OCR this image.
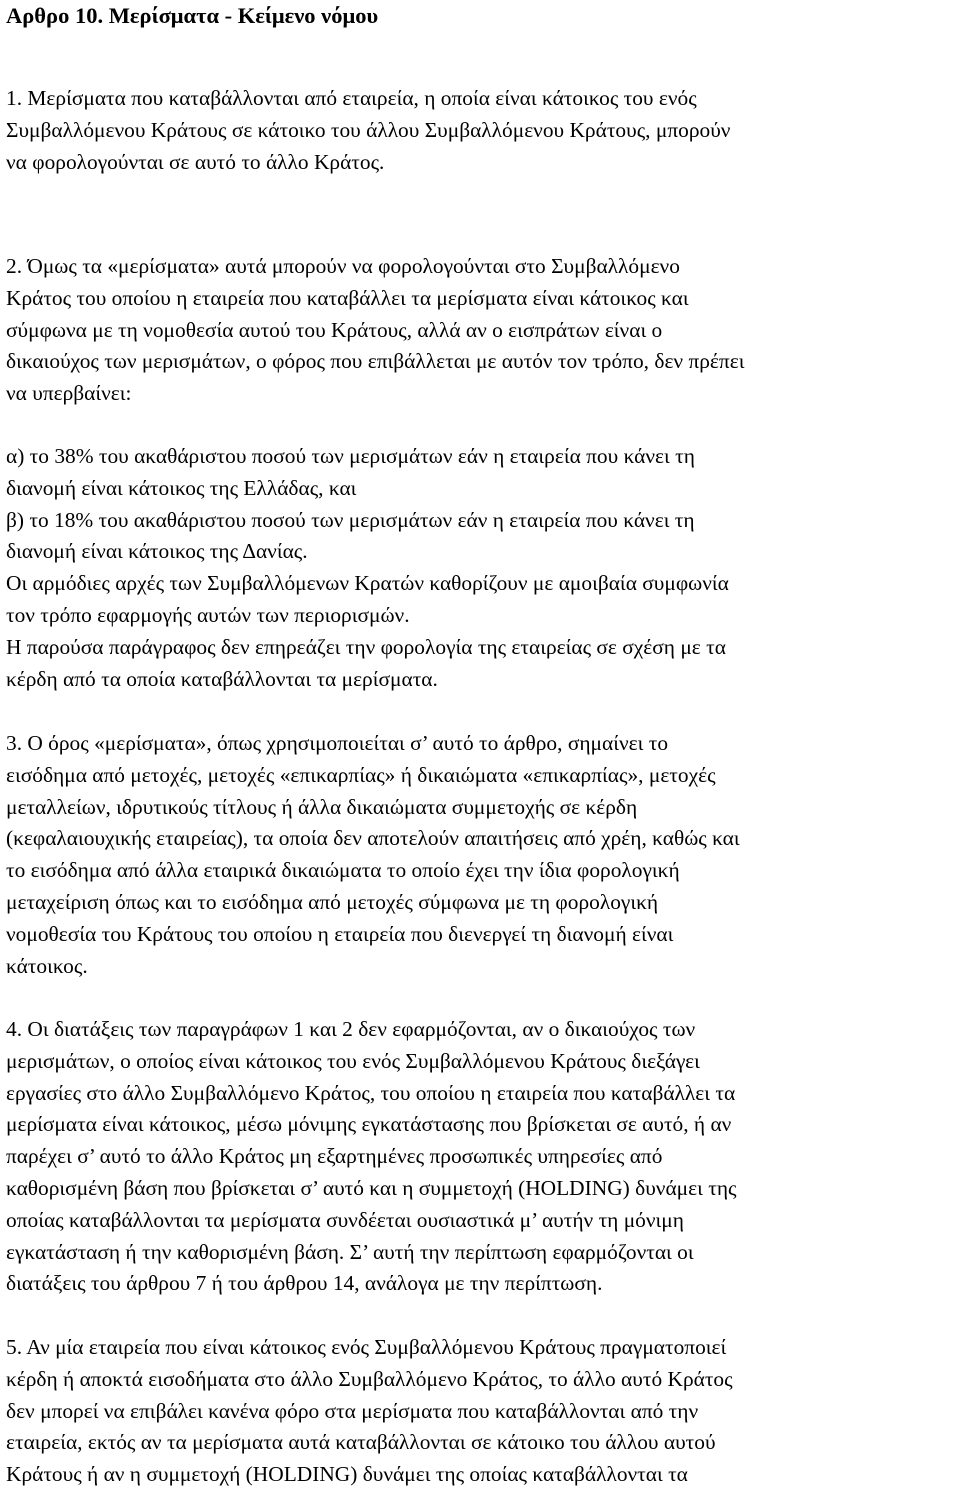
Αρθρο 10. Μερίσματα - Κείμενο νόμου
1. Μερίσματα που καταβάλλονται από εταιρεία, η οποία είναι κάτοικος του ενός
Συμβαλλόμενου Κράτους σε κάτοικο του άλλου Συμβαλλόμενου Κράτους, μπορούν
να φορολογούνται σε αυτό το άλλο Κράτος.
2. Όμως τα «μερίσματα» αυτά μπορούν να φορολογούνται στο Συμβαλλόμενο
Κράτος του οποίου η εταιρεία που καταβάλλει τα μερίσματα είναι κάτοικος και
σύμφωνα με τη νομοθεσία αυτού του Κράτους, αλλά αν ο εισπράτων είναι ο
δικαιούχος των μερισμάτων, ο φόρος που επιβάλλεται με αυτόν τον τρόπο, δεν πρέπει
να υπερβαίνει:
α) το 38% του ακαθάριστου ποσού των μερισμάτων εάν η εταιρεία που κάνει τη
διανομή είναι κάτοικος της Ελλάδας, και
β) το 18% του ακαθάριστου ποσού των μερισμάτων εάν η εταιρεία που κάνει τη
διανομή είναι κάτοικος της Δανίας.
Οι αρμόδιες αρχές των Συμβαλλόμενων Κρατών καθορίζουν με αμοιβαία συμφωνία
τον τρόπο εφαρμογής αυτών των περιορισμών.
Η παρούσα παράγραφος δεν επηρεάζει την φορολογία της εταιρείας σε σχέση με τα
κέρδη από τα οποία καταβάλλονται τα μερίσματα.
3. Ο όρος «μερίσματα», όπως χρησιμοποιείται σ’ αυτό το άρθρο, σημαίνει το
εισόδημα από μετοχές, μετοχές «επικαρπίας» ή δικαιώματα «επικαρπίας», μετοχές
μεταλλείων, ιδρυτικούς τίτλους ή άλλα δικαιώματα συμμετοχής σε κέρδη
(κεφαλαιουχικής εταιρείας), τα οποία δεν αποτελούν απαιτήσεις από χρέη, καθώς και
το εισόδημα από άλλα εταιρικά δικαιώματα το οποίο έχει την ίδια φορολογική
μεταχείριση όπως και το εισόδημα από μετοχές σύμφωνα με τη φορολογική
νομοθεσία του Κράτους του οποίου η εταιρεία που διενεργεί τη διανομή είναι
κάτοικος.
4. Οι διατάξεις των παραγράφων 1 και 2 δεν εφαρμόζονται, αν ο δικαιούχος των
μερισμάτων, ο οποίος είναι κάτοικος του ενός Συμβαλλόμενου Κράτους διεξάγει
εργασίες στο άλλο Συμβαλλόμενο Κράτος, του οποίου η εταιρεία που καταβάλλει τα
μερίσματα είναι κάτοικος, μέσω μόνιμης εγκατάστασης που βρίσκεται σε αυτό, ή αν
παρέχει σ’ αυτό το άλλο Κράτος μη εξαρτημένες προσωπικές υπηρεσίες από
καθορισμένη βάση που βρίσκεται σ’ αυτό και η συμμετοχή (HOLDING) δυνάμει της
οποίας καταβάλλονται τα μερίσματα συνδέεται ουσιαστικά μ’ αυτήν τη μόνιμη
εγκατάσταση ή την καθορισμένη βάση. Σ’ αυτή την περίπτωση εφαρμόζονται οι
διατάξεις του άρθρου 7 ή του άρθρου 14, ανάλογα με την περίπτωση.
5. Αν μία εταιρεία που είναι κάτοικος ενός Συμβαλλόμενου Κράτους πραγματοποιεί
κέρδη ή αποκτά εισοδήματα στο άλλο Συμβαλλόμενο Κράτος, το άλλο αυτό Κράτος
δεν μπορεί να επιβάλει κανένα φόρο στα μερίσματα που καταβάλλονται από την
εταιρεία, εκτός αν τα μερίσματα αυτά καταβάλλονται σε κάτοικο του άλλου αυτού
Κράτους ή αν η συμμετοχή (HOLDING) δυνάμει της οποίας καταβάλλονται τα
